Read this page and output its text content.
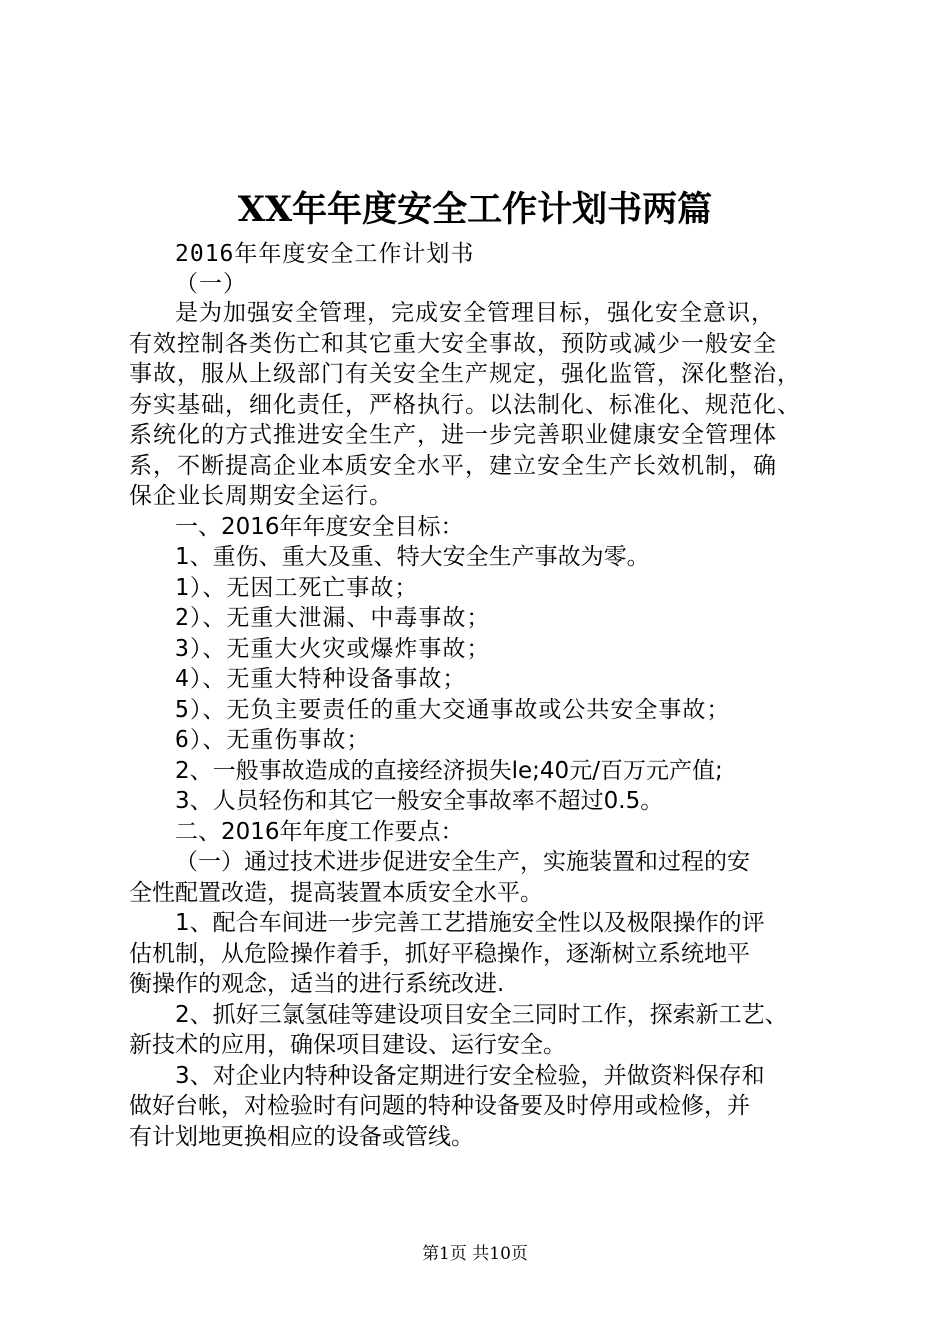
XX年年度安全工作计划书两篇
2016年年度安全工作计划书
（一）
是为加强安全管理，完成安全管理目标，强化安全意识，
有效控制各类伤亡和其它重大安全事故，预防或减少一般安全
事故，服从上级部门有关安全生产规定，强化监管，深化整治，
夯实基础，细化责任，严格执行。以法制化、标准化、规范化、
系统化的方式推进安全生产，进一步完善职业健康安全管理体
系，不断提高企业本质安全水平，建立安全生产长效机制，确
保企业长周期安全运行。
一、2016年年度安全目标：
1、重伤、重大及重、特大安全生产事故为零。
1）、无因工死亡事故；
2）、无重大泄漏、中毒事故；
3）、无重大火灾或爆炸事故；
4）、无重大特种设备事故；
5）、无负主要责任的重大交通事故或公共安全事故；
6）、无重伤事故；
2、一般事故造成的直接经济损失le;40元/百万元产值;
3、人员轻伤和其它一般安全事故率不超过0.5。
二、2016年年度工作要点：
（一）通过技术进步促进安全生产，实施装置和过程的安
全性配置改造，提高装置本质安全水平。
1、配合车间进一步完善工艺措施安全性以及极限操作的评
估机制，从危险操作着手，抓好平稳操作，逐渐树立系统地平
衡操作的观念，适当的进行系统改进.
2、抓好三氯氢硅等建设项目安全三同时工作，探索新工艺、
新技术的应用，确保项目建设、运行安全。
3、对企业内特种设备定期进行安全检验，并做资料保存和
做好台帐，对检验时有问题的特种设备要及时停用或检修，并
有计划地更换相应的设备或管线。
第1页 共10页
